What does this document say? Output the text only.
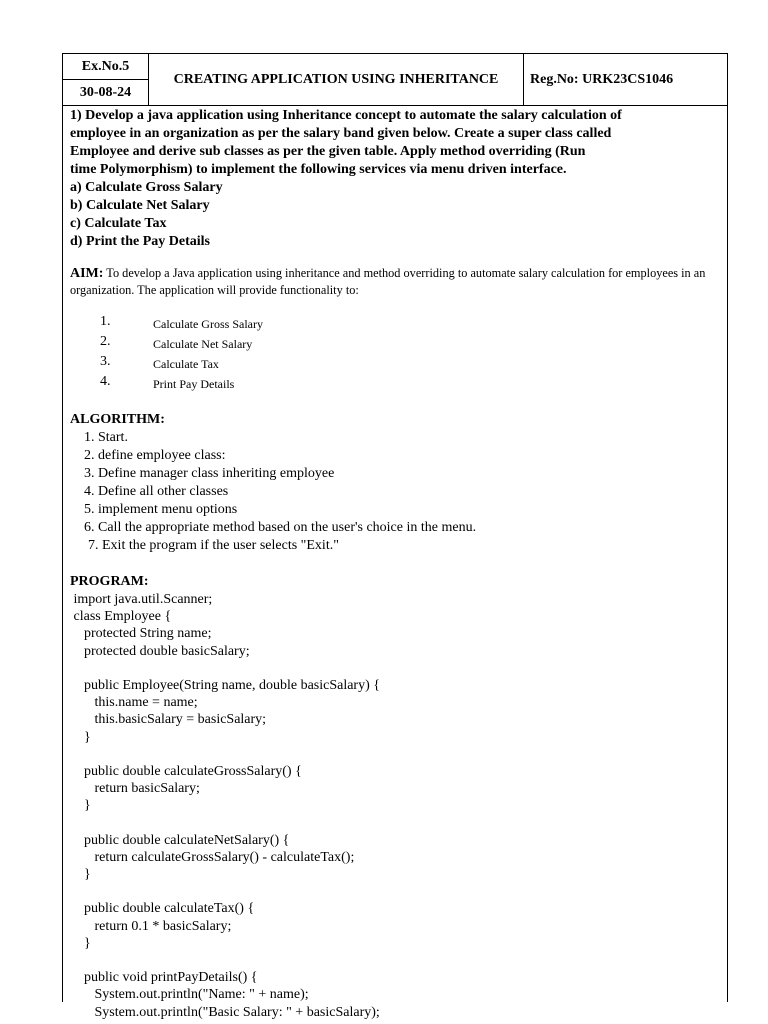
Ex.No.5
30-08-24
CREATING APPLICATION USING INHERITANCE	Reg.No: URK23CS1046
1) Develop a java application using Inheritance concept to automate the salary calculation of
employee in an organization as per the salary band given below. Create a super class called
Employee and derive sub classes as per the given table. Apply method overriding (Run
time Polymorphism) to implement the following services via menu driven interface.
a) Calculate Gross Salary
b) Calculate Net Salary
c) Calculate Tax
d) Print the Pay Details
AIM: To develop a Java application using inheritance and method overriding to automate salary calculation for employees in an organization. The application will provide functionality to:
1.	Calculate Gross Salary
2.	Calculate Net Salary
3.	Calculate Tax
4.	Print Pay Details
ALGORITHM:
1. Start.
2. define employee class:
3. Define manager class inheriting employee
4. Define all other classes
5. implement menu options
6. Call the appropriate method based on the user's choice in the menu.
7. Exit the program if the user selects "Exit."
PROGRAM:
import java.util.Scanner;
class Employee {
protected String name;
protected double basicSalary;
public Employee(String name, double basicSalary) {
this.name = name;
this.basicSalary = basicSalary;
}
public double calculateGrossSalary() {
return basicSalary;
}
public double calculateNetSalary() {
return calculateGrossSalary() - calculateTax();
}
public double calculateTax() {
return 0.1 * basicSalary;
}
public void printPayDetails() {
System.out.println("Name: " + name);
System.out.println("Basic Salary: " + basicSalary);
